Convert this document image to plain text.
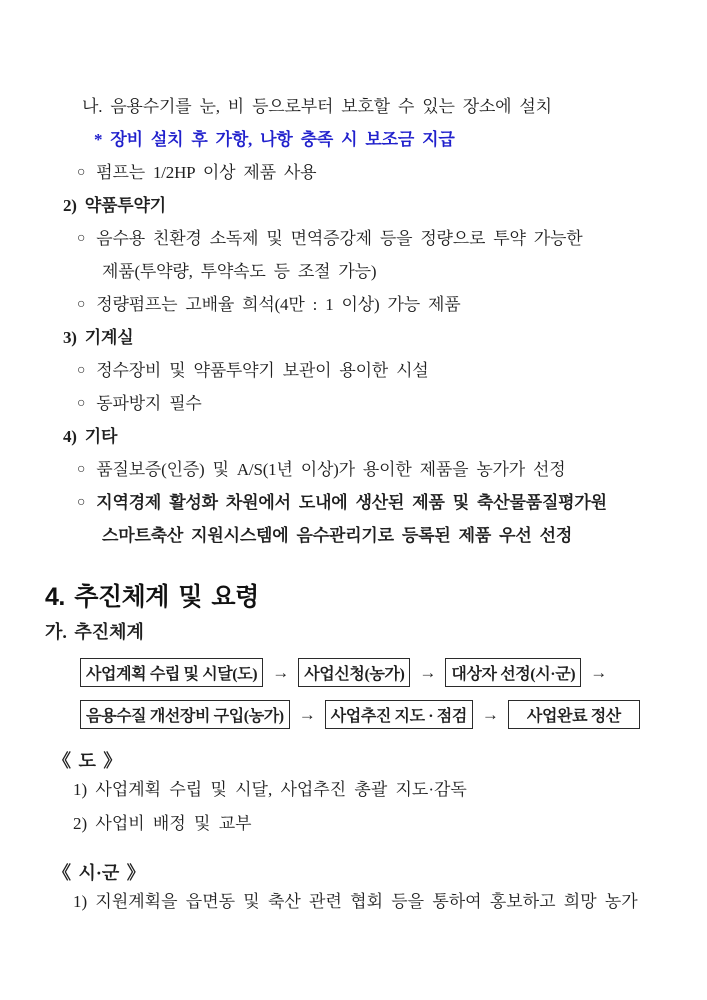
나. 음용수기를 눈, 비 등으로부터 보호할 수 있는 장소에 설치
* 장비 설치 후 가항, 나항 충족 시 보조금 지급
○ 펌프는 1/2HP 이상 제품 사용
2) 약품투약기
○ 음수용 친환경 소독제 및 면역증강제 등을 정량으로 투약 가능한
제품(투약량, 투약속도 등 조절 가능)
○ 정량펌프는 고배율 희석(4만 : 1 이상) 가능 제품
3) 기계실
○ 정수장비 및 약품투약기 보관이 용이한 시설
○ 동파방지 필수
4) 기타
○ 품질보증(인증) 및 A/S(1년 이상)가 용이한 제품을 농가가 선정
○ 지역경제 활성화 차원에서 도내에 생산된 제품 및 축산물품질평가원
스마트축산 지원시스템에 음수관리기로 등록된 제품 우선 선정
4. 추진체계 및 요령
가. 추진체계
사업계획 수립 및 시달(도) → 사업신청(농가) → 대상자 선정(시·군) →
음용수질 개선장비 구입(농가) → 사업추진 지도 · 점검 →	사업완료 정산
《 도 》
1) 사업계획 수립 및 시달, 사업추진 총괄 지도·감독
2) 사업비 배정 및 교부
《 시·군 》
1) 지원계획을 읍면동 및 축산 관련 협회 등을 통하여 홍보하고 희망 농가
